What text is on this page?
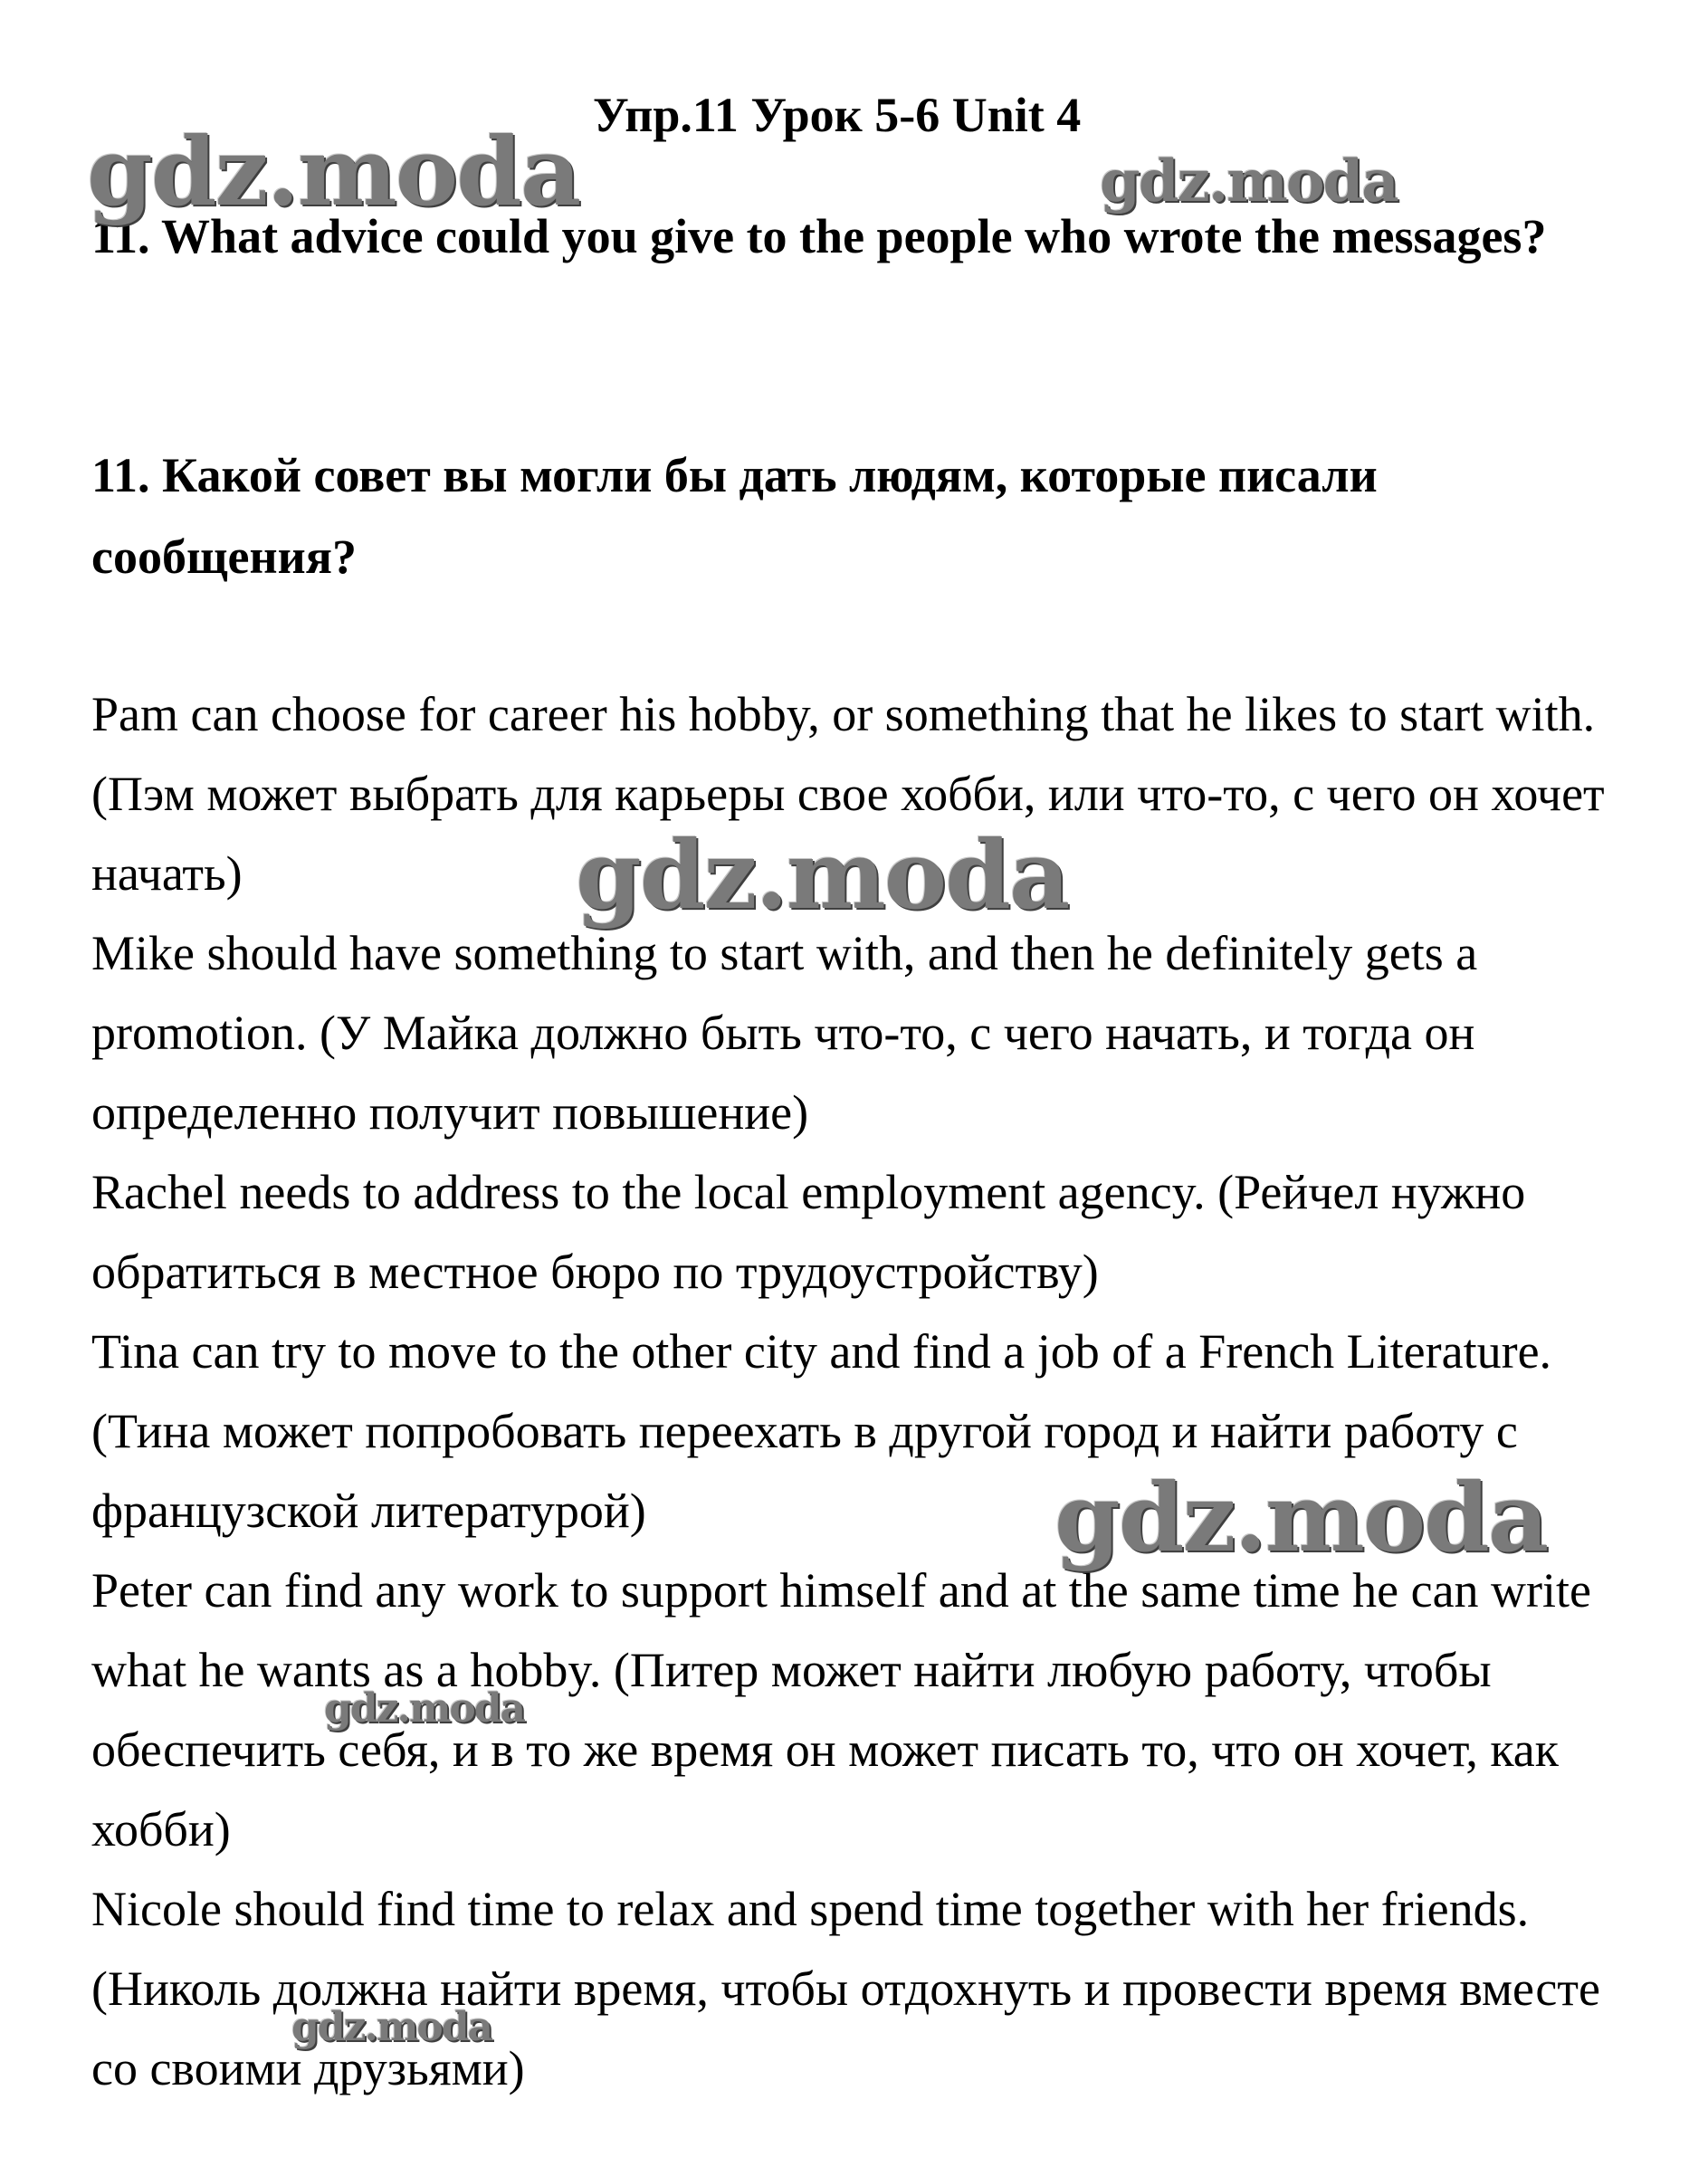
Упр.11 Урок 5-6 Unit 4
11. What advice could you give to the people who wrote the messages?
11. Какой совет вы могли бы дать людям, которые писали сообщения?

Pam can choose for career his hobby, or something that he likes to start with. (Пэм может выбрать для карьеры свое хобби, или что-то, с чего он хочет начать)

Mike should have something to start with, and then he definitely gets a promotion. (У Майка должно быть что-то, с чего начать, и тогда он определенно получит повышение)

Rachel needs to address to the local employment agency. (Рейчел нужно обратиться в местное бюро по трудоустройству)

Tina can try to move to the other city and find a job of a French Literature. (Тина может попробовать переехать в другой город и найти работу с французской литературой)

Peter can find any work to support himself and at the same time he can write what he wants as a hobby. (Питер может найти любую работу, чтобы обеспечить себя, и в то же время он может писать то, что он хочет, как хобби)

Nicole should find time to relax and spend time together with her friends. (Николь должна найти время, чтобы отдохнуть и провести время вместе со своими друзьями)

gdz.moda	gdz.moda
gdz.moda
gdz.moda
gdz.moda
gdz.moda
